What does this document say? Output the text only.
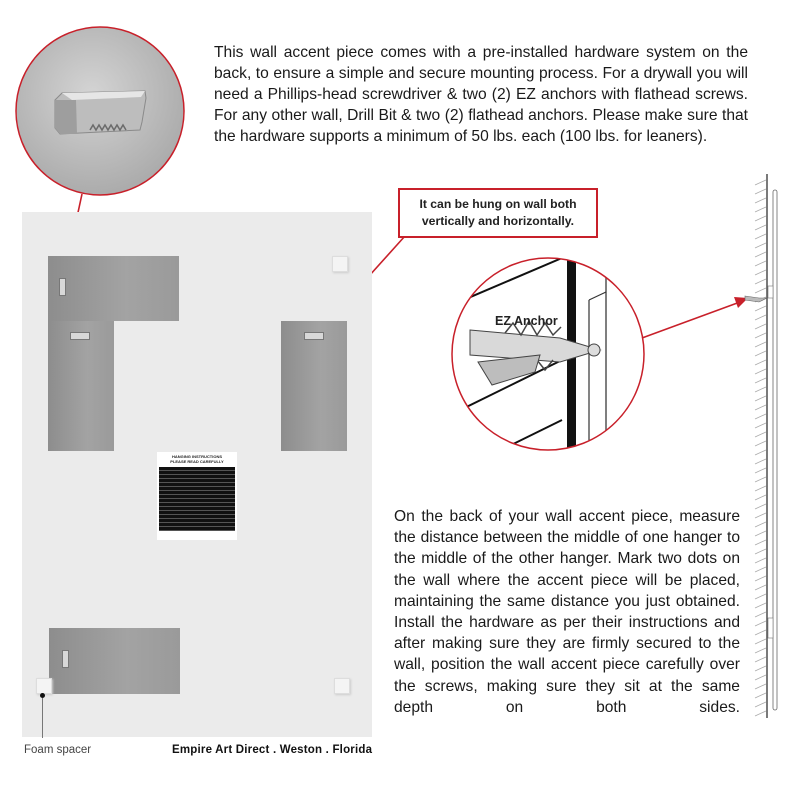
HANGING INSTRUCTIONS
PLEASE READ CAREFULLY
This wall accent piece comes with a pre-installed hardware system on the back, to ensure a simple and secure mounting process. For a drywall you will need a Phillips-head screwdriver & two (2) EZ anchors with flathead screws. For any other wall, Drill Bit & two (2) flathead anchors. Please make sure that the hardware supports a minimum of 50 lbs. each (100 lbs. for leaners).
It can be hung on wall both vertically and horizontally.
EZ Anchor
On the back of your wall accent piece, measure the distance between the middle of one hanger to the middle of the other hanger. Mark two dots on the wall where the accent piece will be placed, maintaining the same distance you just obtained. Install the hardware as per their instructions and after making sure they are firmly secured to the wall, position the wall accent piece carefully over the screws, making sure they sit at the same depth on both sides.
Foam spacer	Empire Art Direct . Weston . Florida
